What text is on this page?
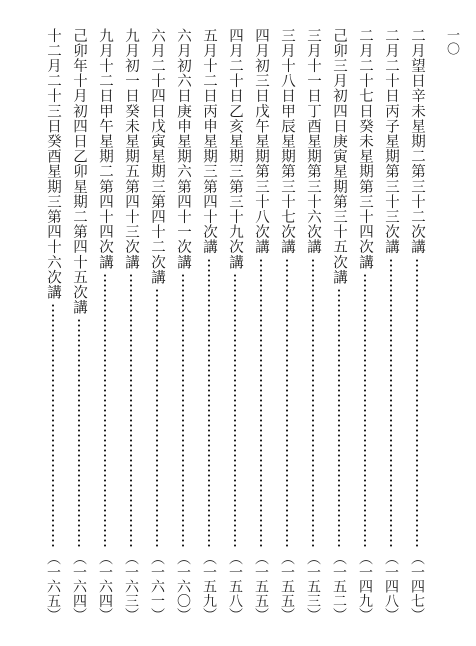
一〇
二月望日辛未星期二第三十二次講
（一四七）
二月二十日丙子星期第三十三次講
（一四八）
二月二十七日癸未星期第三十四次講
（一四九）
己卯三月初四日庚寅星期第三十五次講
（一五二）
三月十一日丁酉星期第三十六次講
（一五三）
三月十八日甲辰星期第三十七次講
（一五五）
四月初三日戊午星期第三十八次講
（一五五）
四月二十日乙亥星期三第三十九次講
（一五八）
五月十二日丙申星期三第四十次講
（一五九）
六月初六日庚申星期六第四十一次講
（一六〇）
六月二十四日戊寅星期三第四十二次講
（一六一）
九月初一日癸未星期五第四十三次講
（一六三）
九月十二日甲午星期二第四十四次講
（一六四）
己卯年十月初四日乙卯星期二第四十五次講
（一六四）
十二月二十三日癸酉星期三第四十六次講
（一六五）
